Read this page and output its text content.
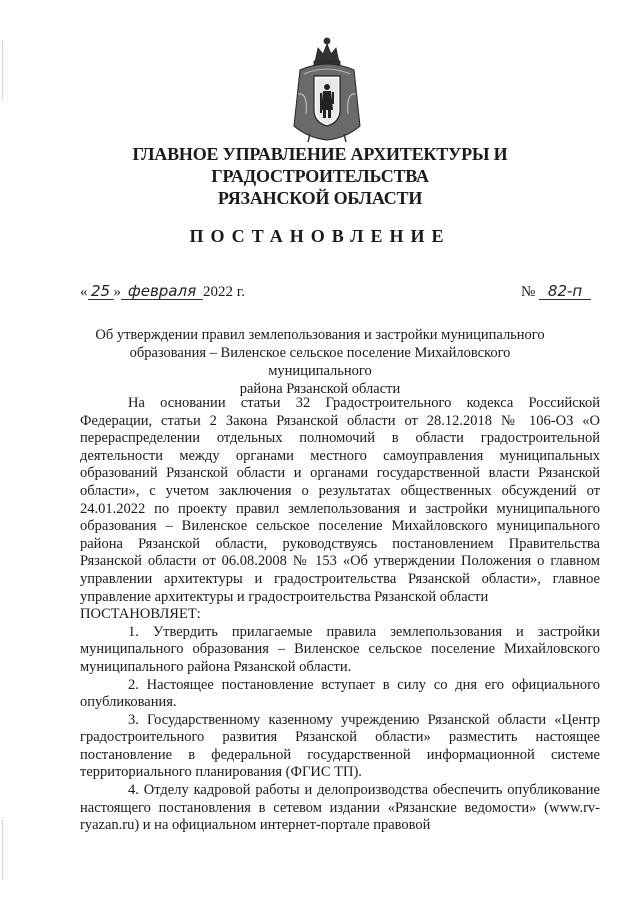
ГЛАВНОЕ УПРАВЛЕНИЕ АРХИТЕКТУРЫ И ГРАДОСТРОИТЕЛЬСТВА
РЯЗАНСКОЙ ОБЛАСТИ
ПОСТАНОВЛЕНИЕ
« 25 » февраля 2022 г.	№ 82-п
Об утверждении правил землепользования и застройки муниципального
образования – Виленское сельское поселение Михайловского муниципального
района Рязанской области

На основании статьи 32 Градостроительного кодекса Российской Федерации, статьи 2 Закона Рязанской области от 28.12.2018 № 106-ОЗ «О перераспределении отдельных полномочий в области градостроительной деятельности между органами местного самоуправления муниципальных образований Рязанской области и органами государственной власти Рязанской области», с учетом заключения о результатах общественных обсуждений от 24.01.2022 по проекту правил землепользования и застройки муниципального образования – Виленское сельское поселение Михайловского муниципального района Рязанской области, руководствуясь постановлением Правительства Рязанской области от 06.08.2008 № 153 «Об утверждении Положения о главном управлении архитектуры и градостроительства Рязанской области», главное управление архитектуры и градостроительства Рязанской области

ПОСТАНОВЛЯЕТ:

1. Утвердить прилагаемые правила землепользования и застройки муниципального образования – Виленское сельское поселение Михайловского муниципального района Рязанской области.

2. Настоящее постановление вступает в силу со дня его официального опубликования.

3. Государственному казенному учреждению Рязанской области «Центр градостроительного развития Рязанской области» разместить настоящее постановление в федеральной государственной информационной системе территориального планирования (ФГИС ТП).

4. Отделу кадровой работы и делопроизводства обеспечить опубликование настоящего постановления в сетевом издании «Рязанские ведомости» (www.rv-ryazan.ru) и на официальном интернет-портале правовой
